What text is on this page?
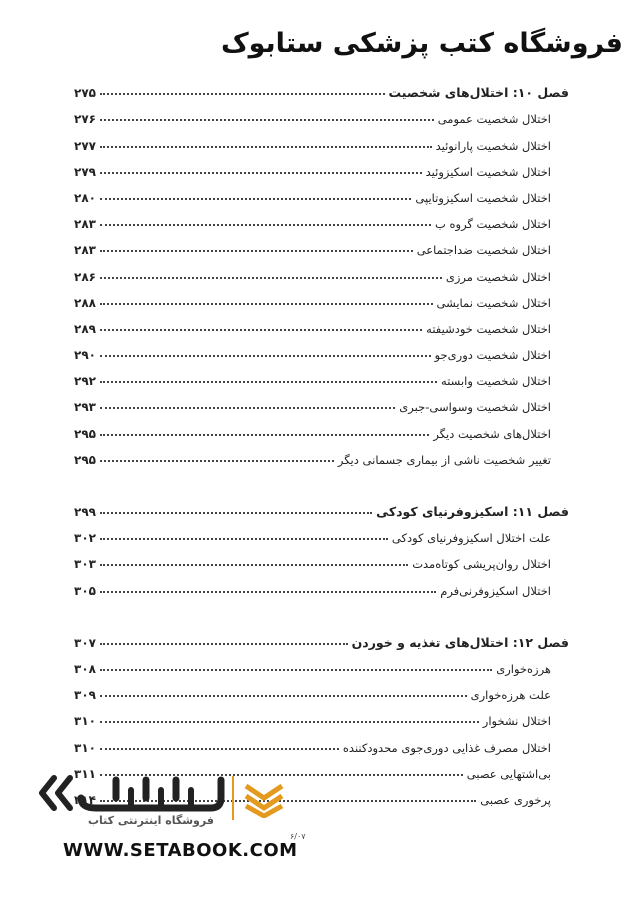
فروشگاه کتب پزشکی ستابوک
فصل ۱۰: اختلال‌های شخصیت
۲۷۵
اختلال شخصیت عمومی
۲۷۶
اختلال شخصیت پارانوئید
۲۷۷
اختلال شخصیت اسکیزوئید
۲۷۹
اختلال شخصیت اسکیزوتایپی
۲۸۰
اختلال شخصیت گروه ب
۲۸۳
اختلال شخصیت ضداجتماعی
۲۸۳
اختلال شخصیت مرزی
۲۸۶
اختلال شخصیت نمایشی
۲۸۸
اختلال شخصیت خودشیفته
۲۸۹
اختلال شخصیت دوری‌جو
۲۹۰
اختلال شخصیت وابسته
۲۹۲
اختلال شخصیت وسواسی-جبری
۲۹۳
اختلال‌های شخصیت دیگر
۲۹۵
تغییر شخصیت ناشی از بیماری جسمانی دیگر
۲۹۵
فصل ۱۱: اسکیزوفرنیای کودکی
۲۹۹
علت اختلال اسکیزوفرنیای کودکی
۳۰۲
اختلال روان‌پریشی کوتاه‌مدت
۳۰۳
اختلال اسکیزوفرنی‌فرم
۳۰۵
فصل ۱۲: اختلال‌های تغذیه و خوردن
۳۰۷
هرزه‌خواری
۳۰۸
علت هرزه‌خواری
۳۰۹
اختلال نشخوار
۳۱۰
اختلال مصرف غذایی دوری‌جوی محدودکننده
۳۱۰
بی‌اشتهایی عصبی
۳۱۱
پرخوری عصبی
۳۱۴
فروشگاه اینترنتی کتاب
WWW.SETABOOK.COM
۶/۰۷
